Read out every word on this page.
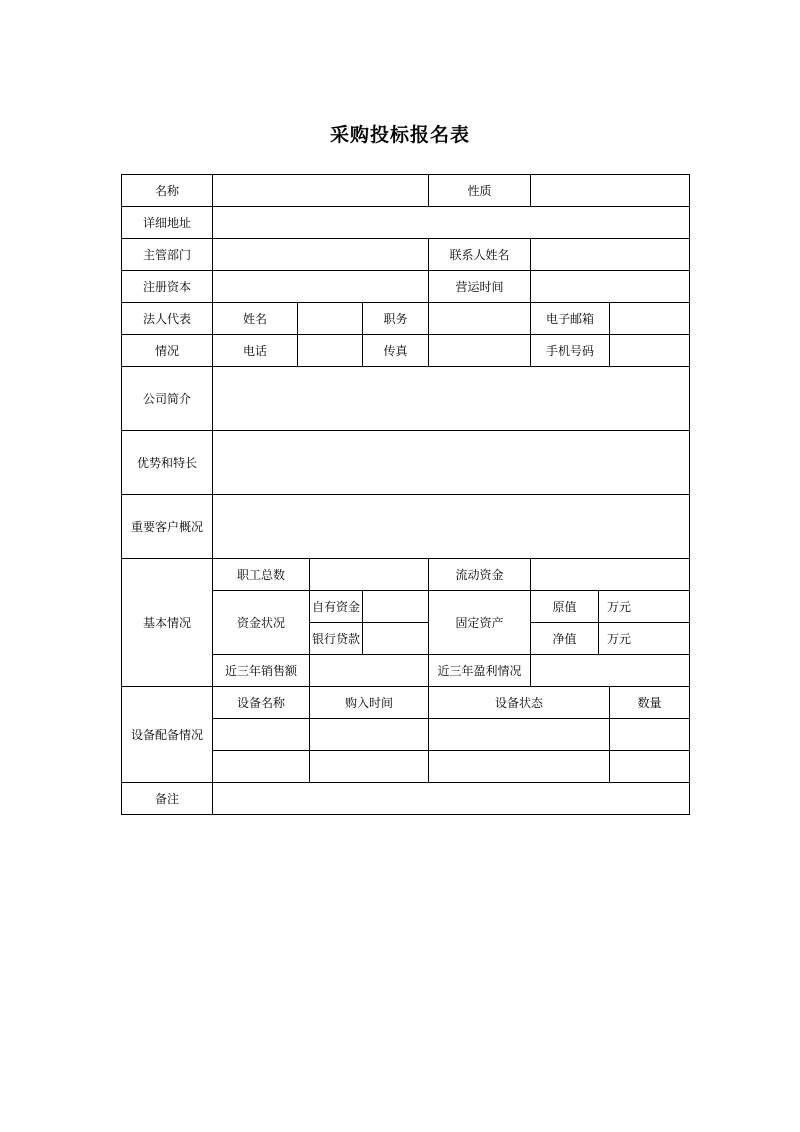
采购投标报名表
名称					性质			
详细地址								
主管部门					联系人姓名			
注册资本					营运时间			
法人代表	姓名			职务		电子邮箱		
情况	电话			传真		手机号码		
公司简介								
优势和特长								
重要客户概况								
基本情况	职工总数				流动资金			
	资金状况		自有资金		固定资产	原值	万元	
			银行贷款			净值	万元	
	近三年销售额				近三年盈利情况			
设备配备情况	设备名称		购入时间		设备状态			数量

备注								
